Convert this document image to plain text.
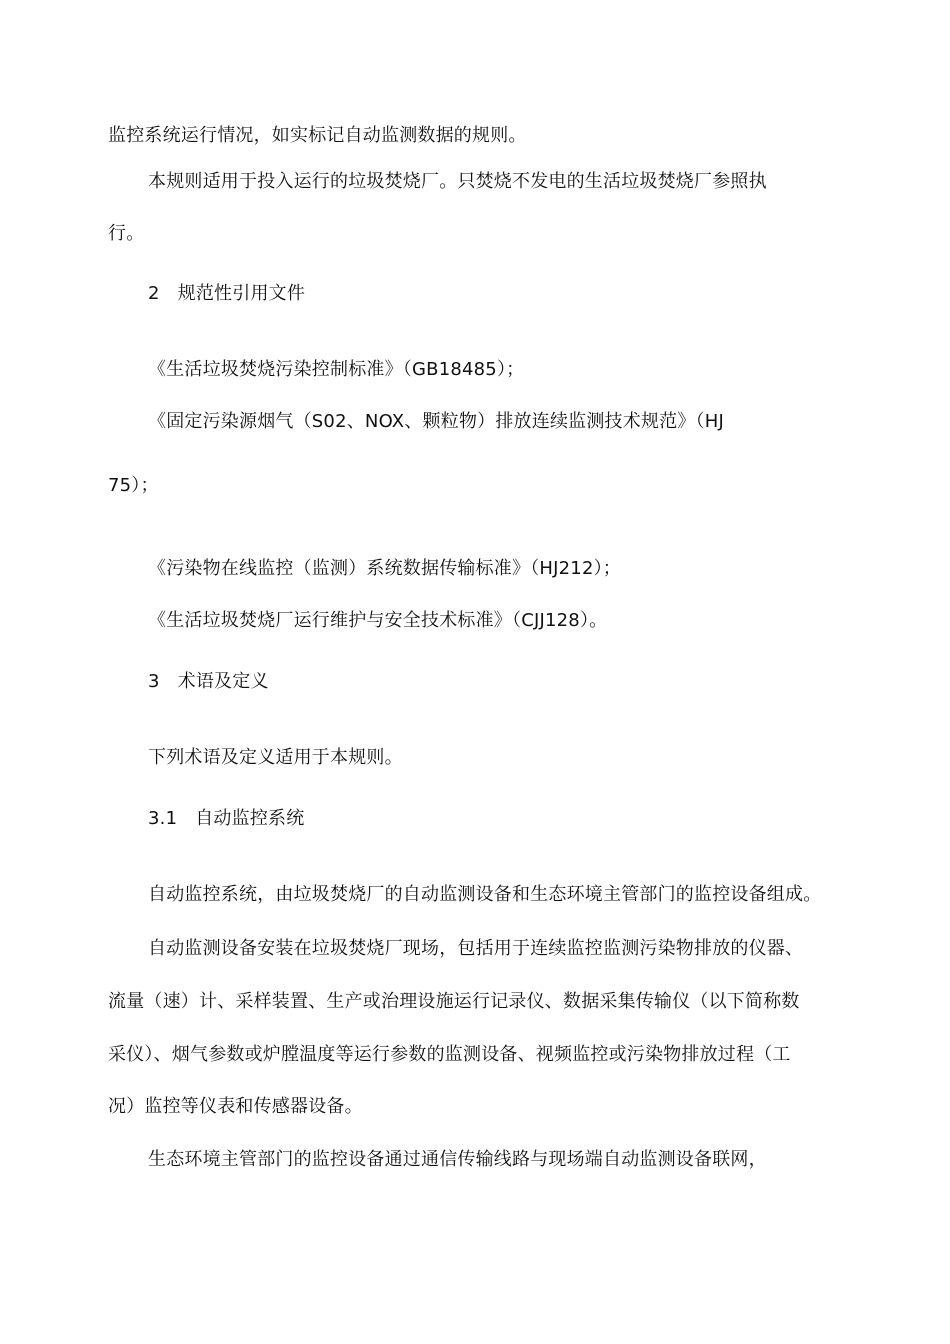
监控系统运行情况，如实标记自动监测数据的规则。
本规则适用于投入运行的垃圾焚烧厂。只焚烧不发电的生活垃圾焚烧厂参照执
行。
2 规范性引用文件
《生活垃圾焚烧污染控制标准》（GB18485）；
《固定污染源烟气（S02、NOX、颗粒物）排放连续监测技术规范》（HJ
75）；
《污染物在线监控（监测）系统数据传输标准》（HJ212）；
《生活垃圾焚烧厂运行维护与安全技术标准》（CJJ128）。
3 术语及定义
下列术语及定义适用于本规则。
3.1 自动监控系统
自动监控系统，由垃圾焚烧厂的自动监测设备和生态环境主管部门的监控设备组成。
自动监测设备安装在垃圾焚烧厂现场，包括用于连续监控监测污染物排放的仪器、
流量（速）计、采样装置、生产或治理设施运行记录仪、数据采集传输仪（以下简称数
采仪）、烟气参数或炉膛温度等运行参数的监测设备、视频监控或污染物排放过程（工
况）监控等仪表和传感器设备。
生态环境主管部门的监控设备通过通信传输线路与现场端自动监测设备联网，
